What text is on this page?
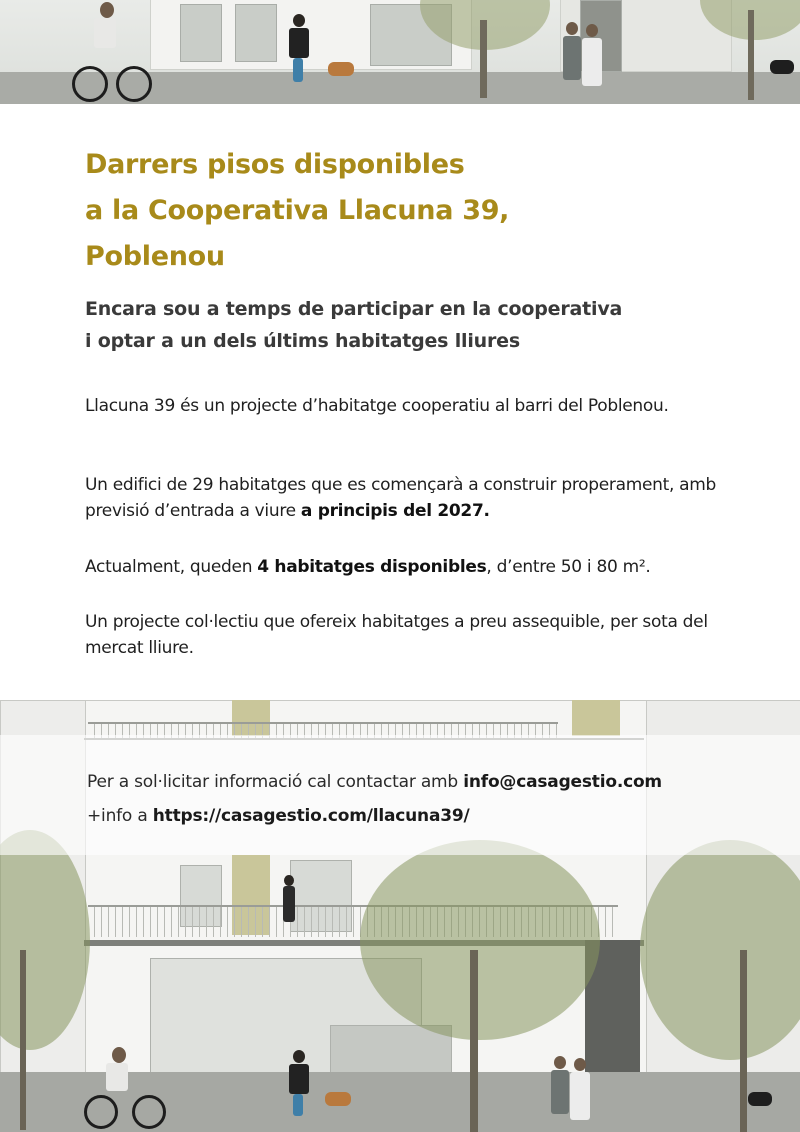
Darrers pisos disponibles
a la Cooperativa Llacuna 39,
Poblenou
Encara sou a temps de participar en la cooperativa
i optar a un dels últims habitatges lliures

Llacuna 39 és un projecte d’habitatge cooperatiu al barri del Poblenou.

Un edifici de 29 habitatges que es començarà a construir properament, amb previsió d’entrada a viure a principis del 2027.

Actualment, queden 4 habitatges disponibles, d’entre 50 i 80 m².

Un projecte col·lectiu que ofereix habitatges a preu assequible, per sota del mercat lliure.

Per a sol·licitar informació cal contactar amb info@casagestio.com

+info a https://casagestio.com/llacuna39/
